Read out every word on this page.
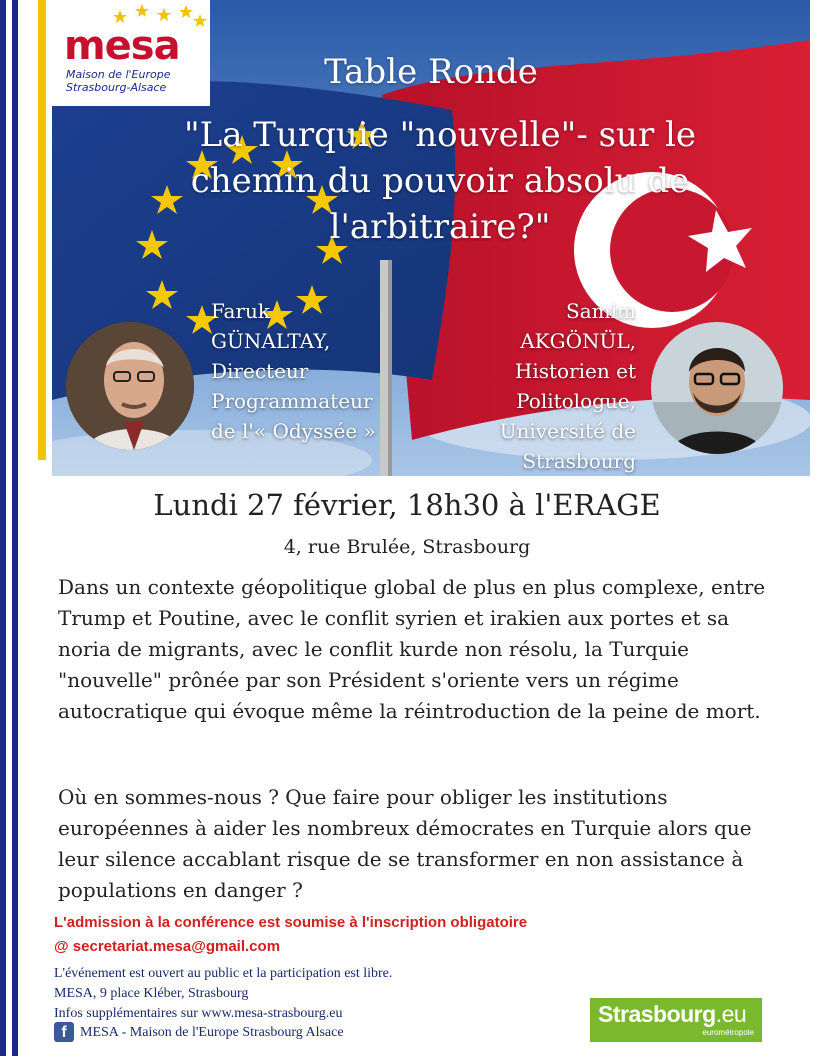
mesa
Maison de l'Europe
Strasbourg-Alsace	Table Ronde
"La Turquie "nouvelle"- sur le chemin du pouvoir absolu de l'arbitraire?"
Faruk
GÜNALTAY,
Directeur
Programmateur
de l'« Odyssée »
Samim
AKGÖNÜL,
Historien et
Politologue,
Université de
Strasbourg
Lundi 27 février, 18h30 à l'ERAGE
4, rue Brulée, Strasbourg

Dans un contexte géopolitique global de plus en plus complexe, entre Trump et Poutine, avec le conflit syrien et irakien aux portes et sa noria de migrants, avec le conflit kurde non résolu, la Turquie "nouvelle" prônée par son Président s'oriente vers un régime autocratique qui évoque même la réintroduction de la peine de mort.

Où en sommes-nous ? Que faire pour obliger les institutions européennes à aider les nombreux démocrates en Turquie alors que leur silence accablant risque de se transformer en non assistance à populations en danger ?

L'admission à la conférence est soumise à l'inscription obligatoire
@ secretariat.mesa@gmail.com
L'événement est ouvert au public et la participation est libre.
MESA, 9 place Kléber, Strasbourg
Infos supplémentaires sur www.mesa-strasbourg.eu
f MESA - Maison de l'Europe Strasbourg Alsace
Strasbourg.eu
eurométropole
